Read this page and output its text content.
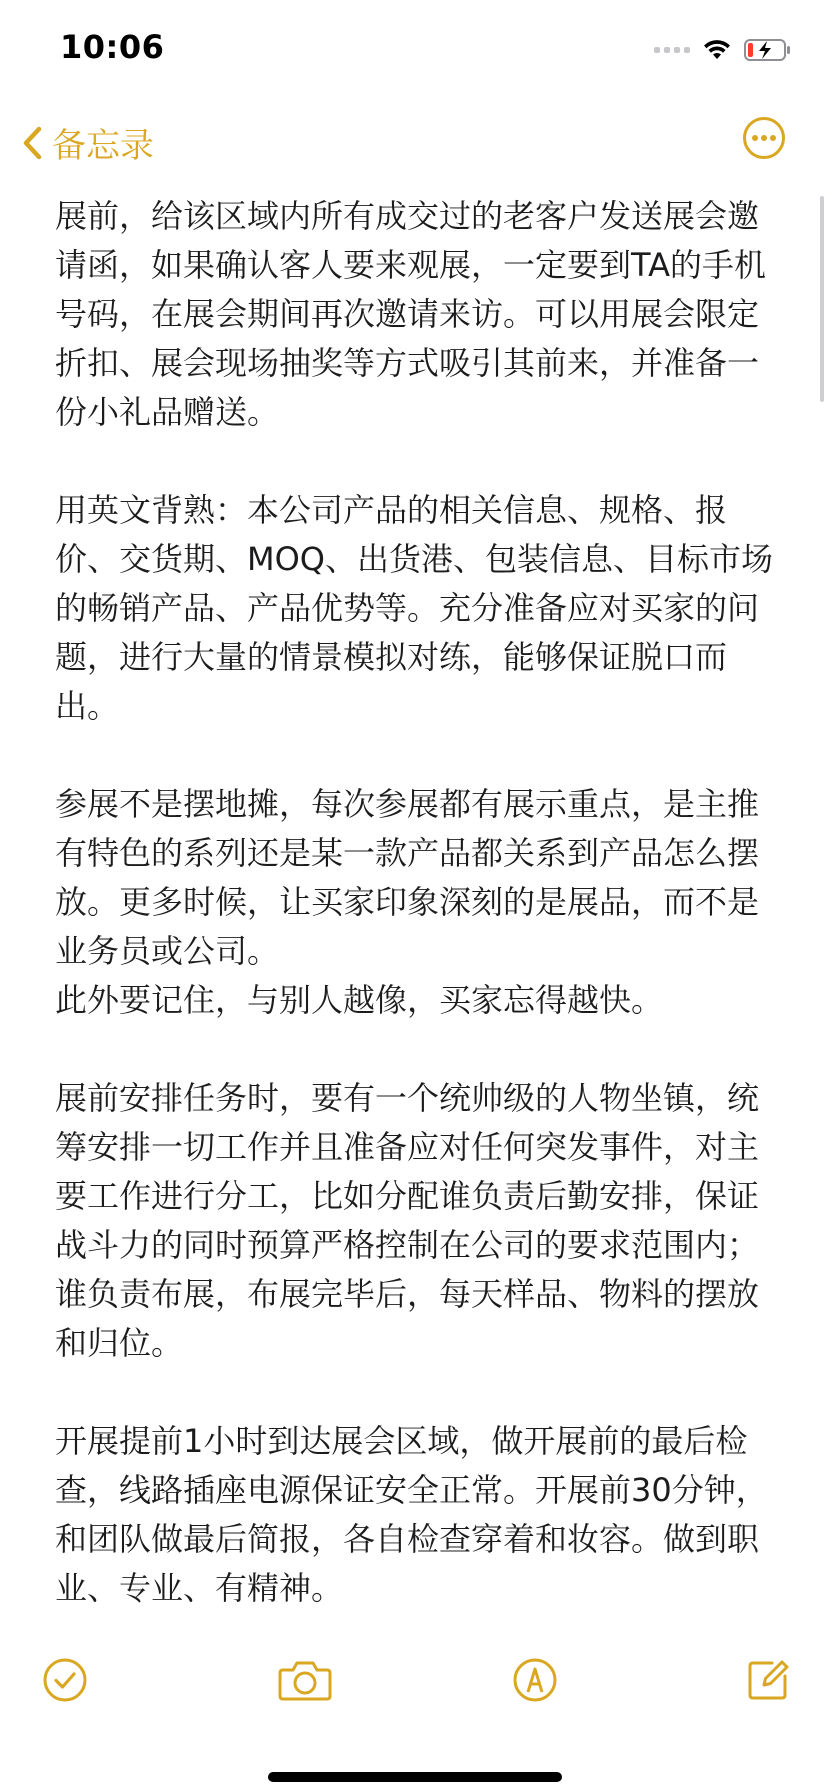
10:06
备忘录

展前，给该区域内所有成交过的老客户发送展会邀请函，如果确认客人要来观展，一定要到TA的手机号码，在展会期间再次邀请来访。可以用展会限定折扣、展会现场抽奖等方式吸引其前来，并准备一份小礼品赠送。

用英文背熟：本公司产品的相关信息、规格、报价、交货期、MOQ、出货港、包装信息、目标市场的畅销产品、产品优势等。充分准备应对买家的问题，进行大量的情景模拟对练，能够保证脱口而出。

参展不是摆地摊，每次参展都有展示重点，是主推有特色的系列还是某一款产品都关系到产品怎么摆放。更多时候，让买家印象深刻的是展品，而不是业务员或公司。

此外要记住，与别人越像，买家忘得越快。

展前安排任务时，要有一个统帅级的人物坐镇，统筹安排一切工作并且准备应对任何突发事件，对主要工作进行分工，比如分配谁负责后勤安排，保证战斗力的同时预算严格控制在公司的要求范围内；谁负责布展，布展完毕后，每天样品、物料的摆放和归位。

开展提前1小时到达展会区域，做开展前的最后检查，线路插座电源保证安全正常。开展前30分钟，和团队做最后简报，各自检查穿着和妆容。做到职业、专业、有精神。
